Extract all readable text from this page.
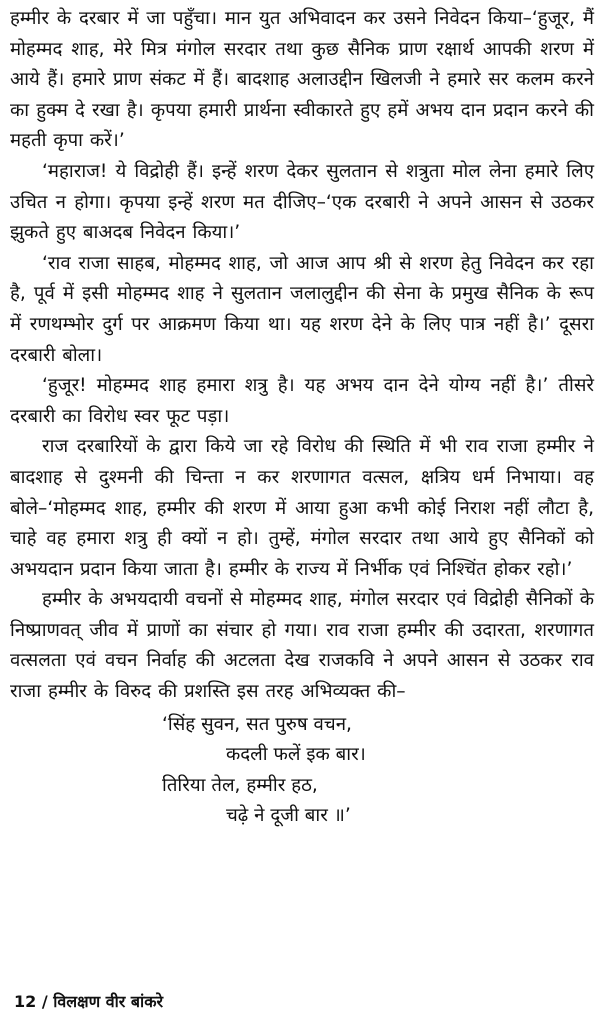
हम्मीर के दरबार में जा पहुँचा। मान युत अभिवादन कर उसने निवेदन किया–‘हुजूर, मैं मोहम्मद शाह, मेरे मित्र मंगोल सरदार तथा कुछ सैनिक प्राण रक्षार्थ आपकी शरण में आये हैं। हमारे प्राण संकट में हैं। बादशाह अलाउद्दीन खिलजी ने हमारे सर कलम करने का हुक्म दे रखा है। कृपया हमारी प्रार्थना स्वीकारते हुए हमें अभय दान प्रदान करने की महती कृपा करें।’

‘महाराज! ये विद्रोही हैं। इन्हें शरण देकर सुलतान से शत्रुता मोल लेना हमारे लिए उचित न होगा। कृपया इन्हें शरण मत दीजिए–‘एक दरबारी ने अपने आसन से उठकर झुकते हुए बाअदब निवेदन किया।’

‘राव राजा साहब, मोहम्मद शाह, जो आज आप श्री से शरण हेतु निवेदन कर रहा है, पूर्व में इसी मोहम्मद शाह ने सुलतान जलालुद्दीन की सेना के प्रमुख सैनिक के रूप में रणथम्भोर दुर्ग पर आक्रमण किया था। यह शरण देने के लिए पात्र नहीं है।’ दूसरा दरबारी बोला।

‘हुजूर! मोहम्मद शाह हमारा शत्रु है। यह अभय दान देने योग्य नहीं है।’ तीसरे दरबारी का विरोध स्वर फूट पड़ा।

राज दरबारियों के द्वारा किये जा रहे विरोध की स्थिति में भी राव राजा हम्मीर ने बादशाह से दुश्मनी की चिन्ता न कर शरणागत वत्सल, क्षत्रिय धर्म निभाया। वह बोले–‘मोहम्मद शाह, हम्मीर की शरण में आया हुआ कभी कोई निराश नहीं लौटा है, चाहे वह हमारा शत्रु ही क्यों न हो। तुम्हें, मंगोल सरदार तथा आये हुए सैनिकों को अभयदान प्रदान किया जाता है। हम्मीर के राज्य में निर्भीक एवं निश्चिंत होकर रहो।’

हम्मीर के अभयदायी वचनों से मोहम्मद शाह, मंगोल सरदार एवं विद्रोही सैनिकों के निष्प्राणवत् जीव में प्राणों का संचार हो गया। राव राजा हम्मीर की उदारता, शरणागत वत्सलता एवं वचन निर्वाह की अटलता देख राजकवि ने अपने आसन से उठकर राव राजा हम्मीर के विरुद की प्रशस्ति इस तरह अभिव्यक्त की–

‘सिंह सुवन, सत पुरुष वचन,
कदली फलें इक बार।
तिरिया तेल, हम्मीर हठ,
चढ़े ने दूजी बार ॥’
12 / विलक्षण वीर बांकरे
